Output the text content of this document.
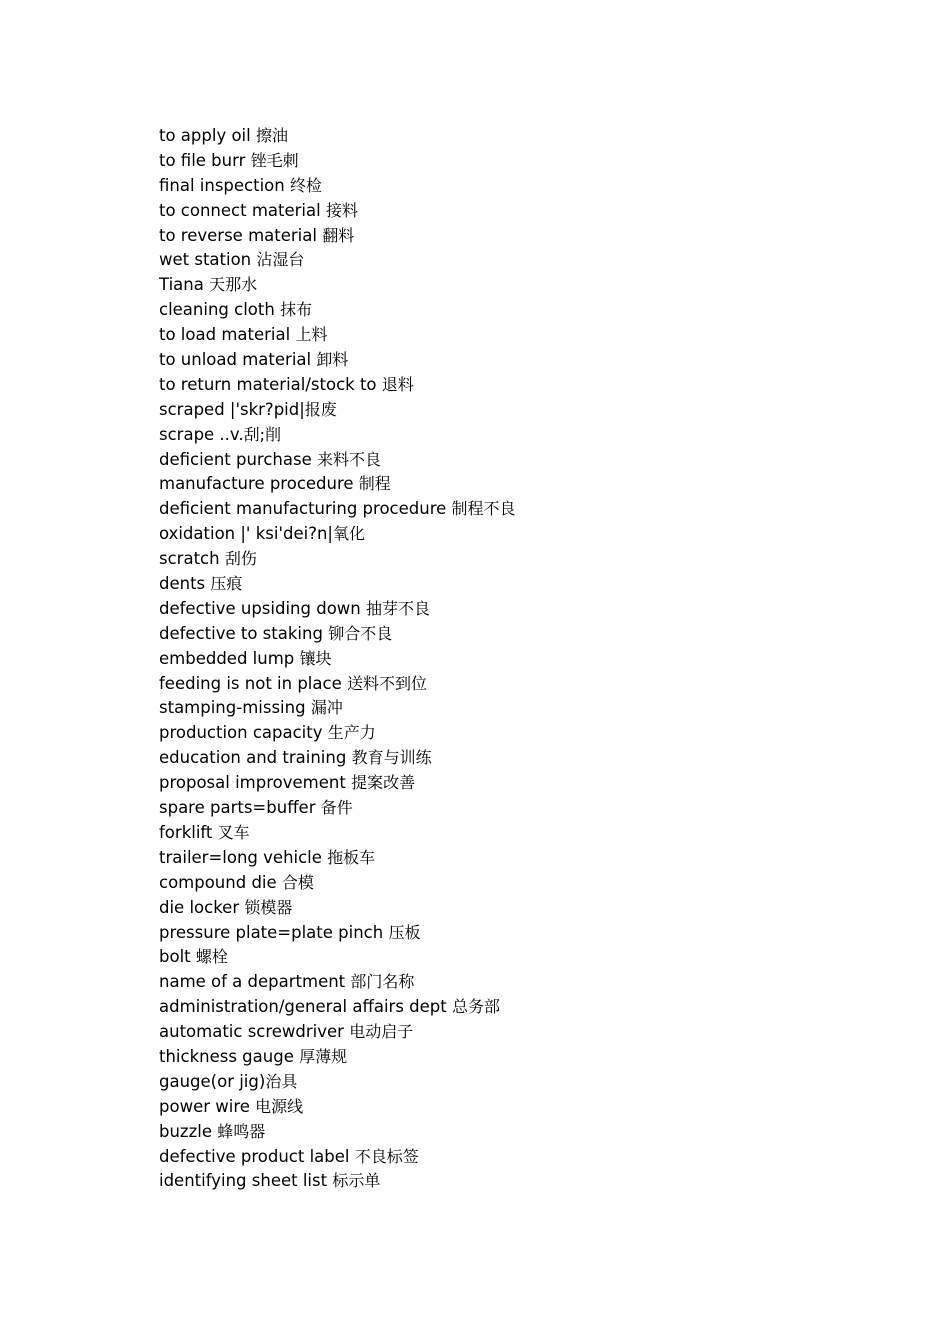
to apply oil 擦油
to file burr 锉毛刺
final inspection 终检
to connect material 接料
to reverse material 翻料
wet station 沾湿台
Tiana 天那水
cleaning cloth 抹布
to load material 上料
to unload material 卸料
to return material/stock to 退料
scraped |'skr?pid|报废
scrape ..v.刮;削
deficient purchase 来料不良
manufacture procedure 制程
deficient manufacturing procedure 制程不良
oxidation |' ksi'dei?n|氧化
scratch 刮伤
dents 压痕
defective upsiding down 抽芽不良
defective to staking 铆合不良
embedded lump 镶块
feeding is not in place 送料不到位
stamping-missing 漏冲
production capacity 生产力
education and training 教育与训练
proposal improvement 提案改善
spare parts=buffer 备件
forklift 叉车
trailer=long vehicle 拖板车
compound die 合模
die locker 锁模器
pressure plate=plate pinch 压板
bolt 螺栓
name of a department 部门名称
administration/general affairs dept 总务部
automatic screwdriver 电动启子
thickness gauge 厚薄规
gauge(or jig)治具
power wire 电源线
buzzle 蜂鸣器
defective product label 不良标签
identifying sheet list 标示单
